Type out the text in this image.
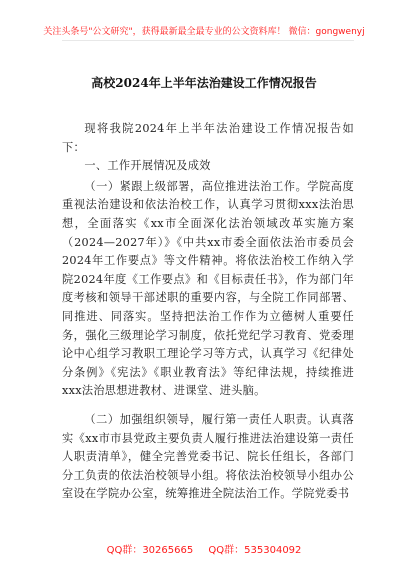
关注头条号"公文研究"，获得最新最全最专业的公文资料库！ 微信：gongwenyj
高校2024年上半年法治建设工作情况报告

现将我院2024年上半年法治建设工作情况报告如下：

一、工作开展情况及成效

（一）紧跟上级部署，高位推进法治工作。学院高度重视法治建设和依法治校工作，认真学习贯彻xxx法治思想，全面落实《xx市全面深化法治领域改革实施方案（2024—2027年）》《中共xx市委全面依法治市委员会2024年工作要点》等文件精神。将依法治校工作纳入学院2024年度《工作要点》和《目标责任书》，作为部门年度考核和领导干部述职的重要内容，与全院工作同部署、同推进、同落实。坚持把法治工作作为立德树人重要任务，强化三级理论学习制度，依托党纪学习教育、党委理论中心组学习教职工理论学习等方式，认真学习《纪律处分条例》《宪法》《职业教育法》等纪律法规，持续推进xxx法治思想进教材、进课堂、进头脑。

（二）加强组织领导，履行第一责任人职责。认真落实《xx市市县党政主要负责人履行推进法治建设第一责任人职责清单》，健全完善党委书记、院长任组长，各部门分工负责的依法治校领导小组。将依法治校领导小组办公室设在学院办公室，统筹推进全院法治工作。学院党委书

QQ群：30265665 QQ群：535304092
